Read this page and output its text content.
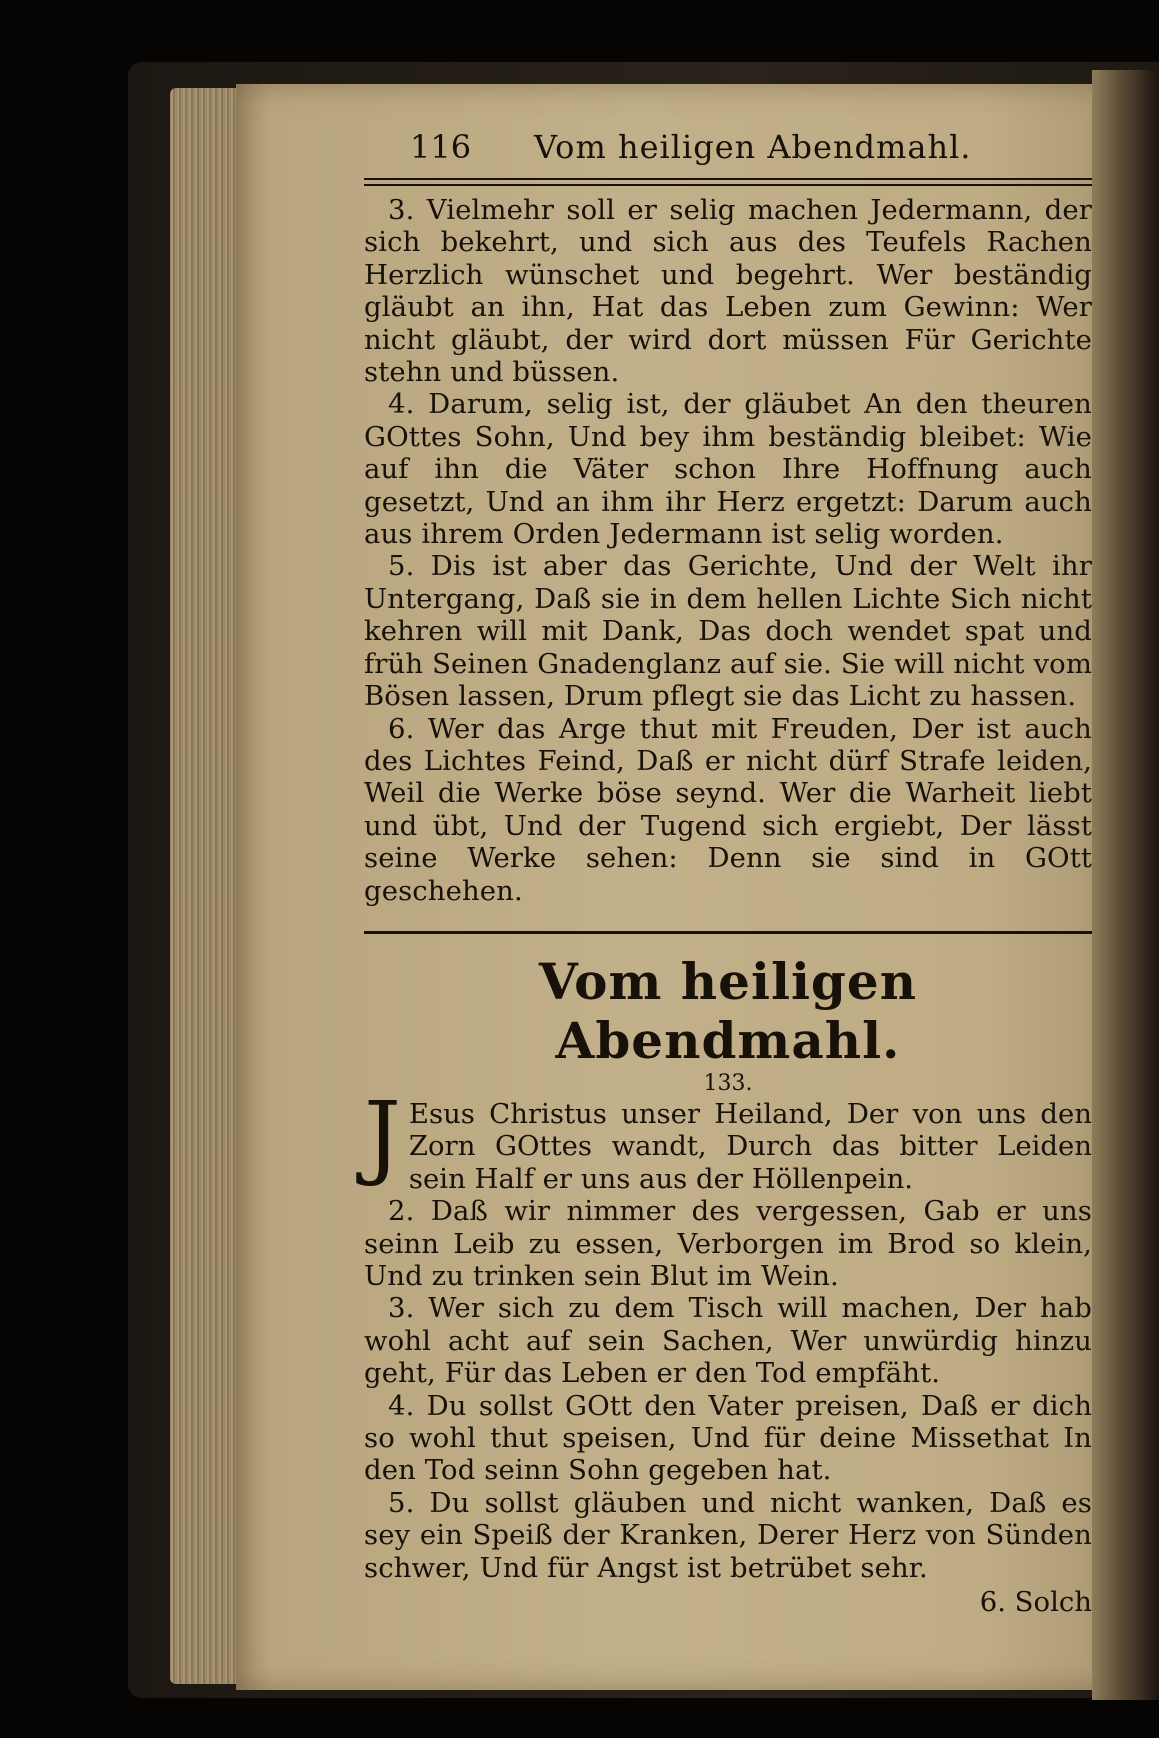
116 Vom heiligen Abendmahl.

3. Vielmehr soll er selig machen Jedermann, der sich bekehrt, und sich aus des Teufels Rachen Herzlich wünschet und begehrt. Wer beständig gläubt an ihn, Hat das Leben zum Gewinn: Wer nicht gläubt, der wird dort müssen Für Gerichte stehn und büssen.

4. Darum, selig ist, der gläubet An den theuren GOttes Sohn, Und bey ihm beständig bleibet: Wie auf ihn die Väter schon Ihre Hoffnung auch gesetzt, Und an ihm ihr Herz ergetzt: Darum auch aus ihrem Orden Jedermann ist selig worden.

5. Dis ist aber das Gerichte, Und der Welt ihr Untergang, Daß sie in dem hellen Lichte Sich nicht kehren will mit Dank, Das doch wendet spat und früh Seinen Gnadenglanz auf sie. Sie will nicht vom Bösen lassen, Drum pflegt sie das Licht zu hassen.

6. Wer das Arge thut mit Freuden, Der ist auch des Lichtes Feind, Daß er nicht dürf Strafe leiden, Weil die Werke böse seynd. Wer die Warheit liebt und übt, Und der Tugend sich ergiebt, Der lässt seine Werke sehen: Denn sie sind in GOtt geschehen.

Vom heiligen Abendmahl.

133.

J Esus Christus unser Heiland, Der von uns den Zorn GOttes wandt, Durch das bitter Leiden sein Half er uns aus der Höllenpein.

2. Daß wir nimmer des vergessen, Gab er uns seinn Leib zu essen, Verborgen im Brod so klein, Und zu trinken sein Blut im Wein.

3. Wer sich zu dem Tisch will machen, Der hab wohl acht auf sein Sachen, Wer unwürdig hinzu geht, Für das Leben er den Tod empfäht.

4. Du sollst GOtt den Vater preisen, Daß er dich so wohl thut speisen, Und für deine Missethat In den Tod seinn Sohn gegeben hat.

5. Du sollst gläuben und nicht wanken, Daß es sey ein Speiß der Kranken, Derer Herz von Sünden schwer, Und für Angst ist betrübet sehr.

6. Solch
